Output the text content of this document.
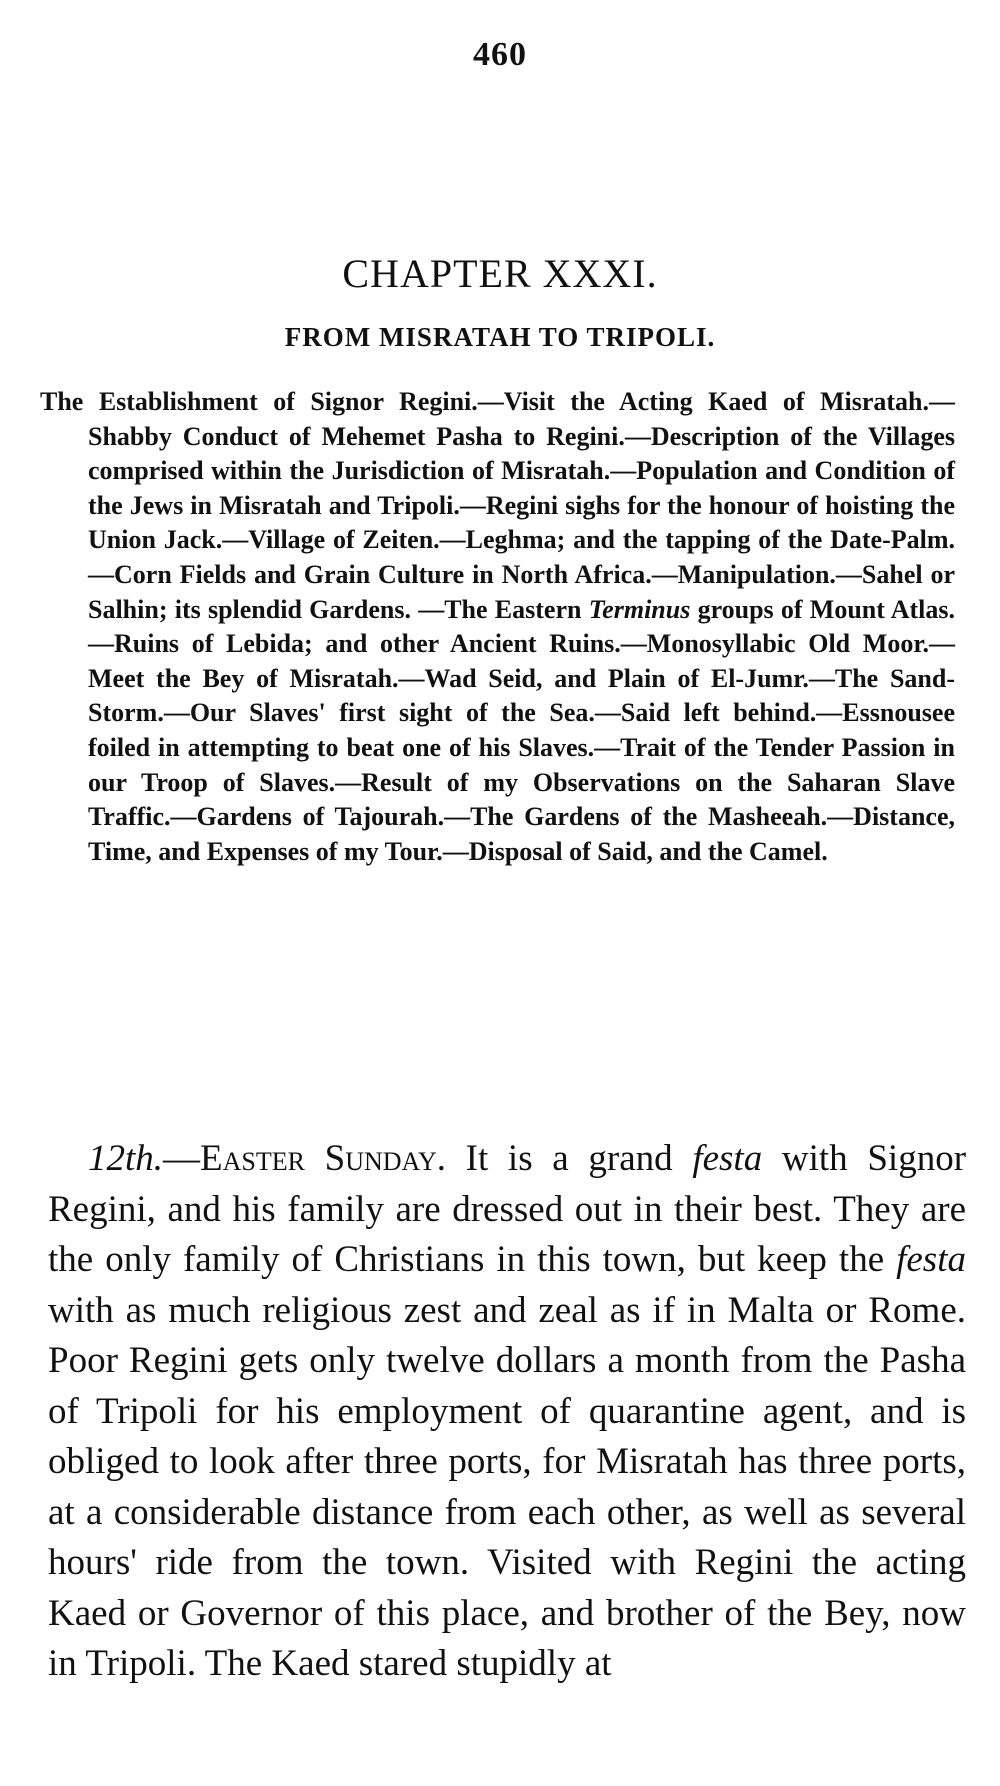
460
CHAPTER XXXI.
FROM MISRATAH TO TRIPOLI.
The Establishment of Signor Regini.—Visit the Acting Kaed of Misratah.—Shabby Conduct of Mehemet Pasha to Regini.—Description of the Villages comprised within the Jurisdiction of Misratah.—Population and Condition of the Jews in Misratah and Tripoli.—Regini sighs for the honour of hoisting the Union Jack.—Village of Zeiten.—Leghma; and the tapping of the Date-Palm.—Corn Fields and Grain Culture in North Africa.—Manipulation.—Sahel or Salhin; its splendid Gardens. —The Eastern Terminus groups of Mount Atlas.—Ruins of Lebida; and other Ancient Ruins.—Monosyllabic Old Moor.—Meet the Bey of Misratah.—Wad Seid, and Plain of El-Jumr.—The Sand-Storm.—Our Slaves' first sight of the Sea.—Said left behind.—Essnousee foiled in attempting to beat one of his Slaves.—Trait of the Tender Passion in our Troop of Slaves.—Result of my Observations on the Saharan Slave Traffic.—Gardens of Tajourah.—The Gardens of the Masheeah.—Distance, Time, and Expenses of my Tour.—Disposal of Said, and the Camel.

12th.—Easter Sunday. It is a grand festa with Signor Regini, and his family are dressed out in their best. They are the only family of Christians in this town, but keep the festa with as much religious zest and zeal as if in Malta or Rome. Poor Regini gets only twelve dollars a month from the Pasha of Tripoli for his employment of quarantine agent, and is obliged to look after three ports, for Misratah has three ports, at a considerable distance from each other, as well as several hours' ride from the town. Visited with Regini the acting Kaed or Governor of this place, and brother of the Bey, now in Tripoli. The Kaed stared stupidly at
